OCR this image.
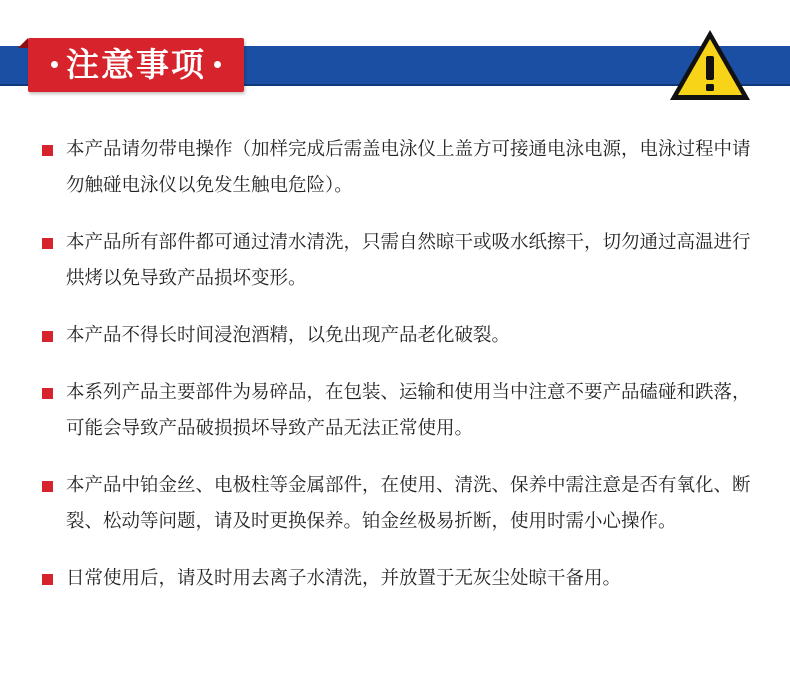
注意事项
本产品请勿带电操作（加样完成后需盖电泳仪上盖方可接通电泳电源，电泳过程中请勿触碰电泳仪以免发生触电危险）。
本产品所有部件都可通过清水清洗，只需自然晾干或吸水纸擦干，切勿通过高温进行烘烤以免导致产品损坏变形。
本产品不得长时间浸泡酒精，以免出现产品老化破裂。
本系列产品主要部件为易碎品，在包装、运输和使用当中注意不要产品磕碰和跌落，可能会导致产品破损损坏导致产品无法正常使用。
本产品中铂金丝、电极柱等金属部件，在使用、清洗、保养中需注意是否有氧化、断裂、松动等问题，请及时更换保养。铂金丝极易折断，使用时需小心操作。
日常使用后，请及时用去离子水清洗，并放置于无灰尘处晾干备用。
